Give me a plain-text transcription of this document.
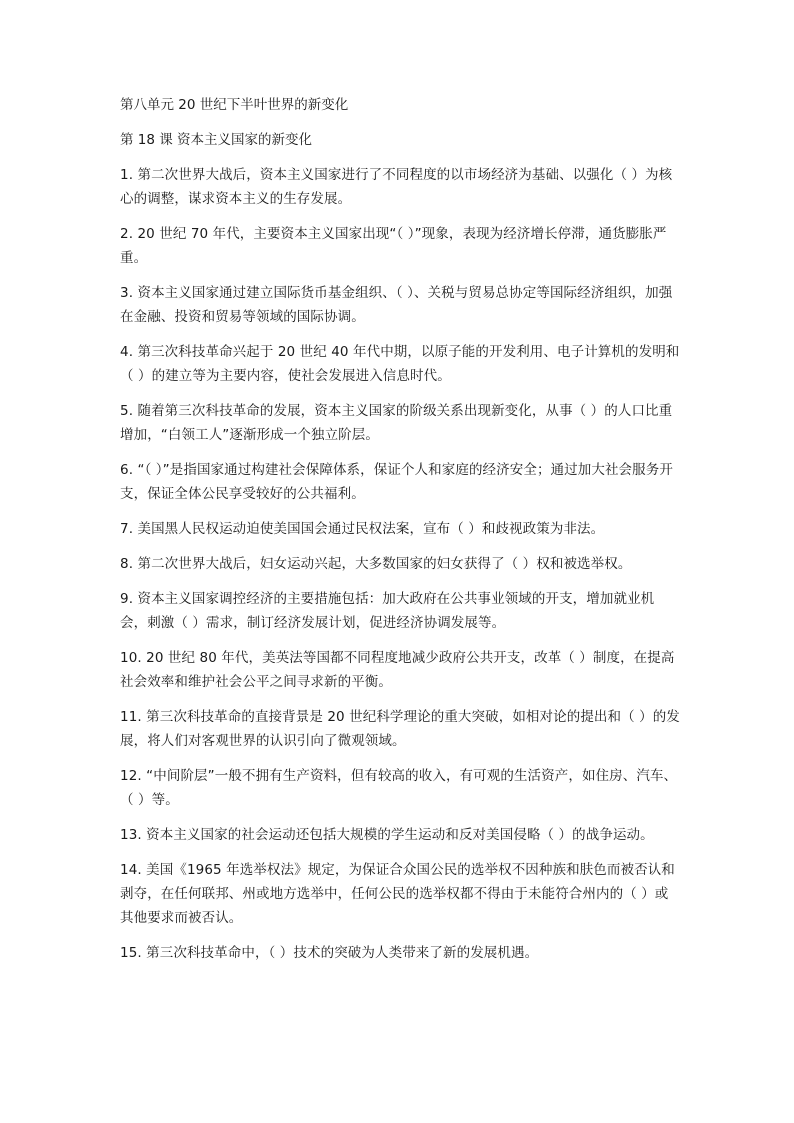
第八单元 20 世纪下半叶世界的新变化
第 18 课 资本主义国家的新变化
1. 第二次世界大战后，资本主义国家进行了不同程度的以市场经济为基础、以强化（ ）为核心的调整，谋求资本主义的生存发展。
2. 20 世纪 70 年代，主要资本主义国家出现“（ ）”现象，表现为经济增长停滞，通货膨胀严重。
3. 资本主义国家通过建立国际货币基金组织、（ ）、关税与贸易总协定等国际经济组织，加强在金融、投资和贸易等领域的国际协调。
4. 第三次科技革命兴起于 20 世纪 40 年代中期，以原子能的开发利用、电子计算机的发明和（ ）的建立等为主要内容，使社会发展进入信息时代。
5. 随着第三次科技革命的发展，资本主义国家的阶级关系出现新变化，从事（ ）的人口比重增加，“白领工人”逐渐形成一个独立阶层。
6. “（ ）”是指国家通过构建社会保障体系，保证个人和家庭的经济安全；通过加大社会服务开支，保证全体公民享受较好的公共福利。
7. 美国黑人民权运动迫使美国国会通过民权法案，宣布（ ）和歧视政策为非法。
8. 第二次世界大战后，妇女运动兴起，大多数国家的妇女获得了（ ）权和被选举权。
9. 资本主义国家调控经济的主要措施包括：加大政府在公共事业领域的开支，增加就业机会，刺激（ ）需求，制订经济发展计划，促进经济协调发展等。
10. 20 世纪 80 年代，美英法等国都不同程度地减少政府公共开支，改革（ ）制度，在提高社会效率和维护社会公平之间寻求新的平衡。
11. 第三次科技革命的直接背景是 20 世纪科学理论的重大突破，如相对论的提出和（ ）的发展，将人们对客观世界的认识引向了微观领域。
12. “中间阶层”一般不拥有生产资料，但有较高的收入，有可观的生活资产，如住房、汽车、（ ）等。
13. 资本主义国家的社会运动还包括大规模的学生运动和反对美国侵略（ ）的战争运动。
14. 美国《1965 年选举权法》规定，为保证合众国公民的选举权不因种族和肤色而被否认和剥夺，在任何联邦、州或地方选举中，任何公民的选举权都不得由于未能符合州内的（ ）或其他要求而被否认。
15. 第三次科技革命中，（ ）技术的突破为人类带来了新的发展机遇。
